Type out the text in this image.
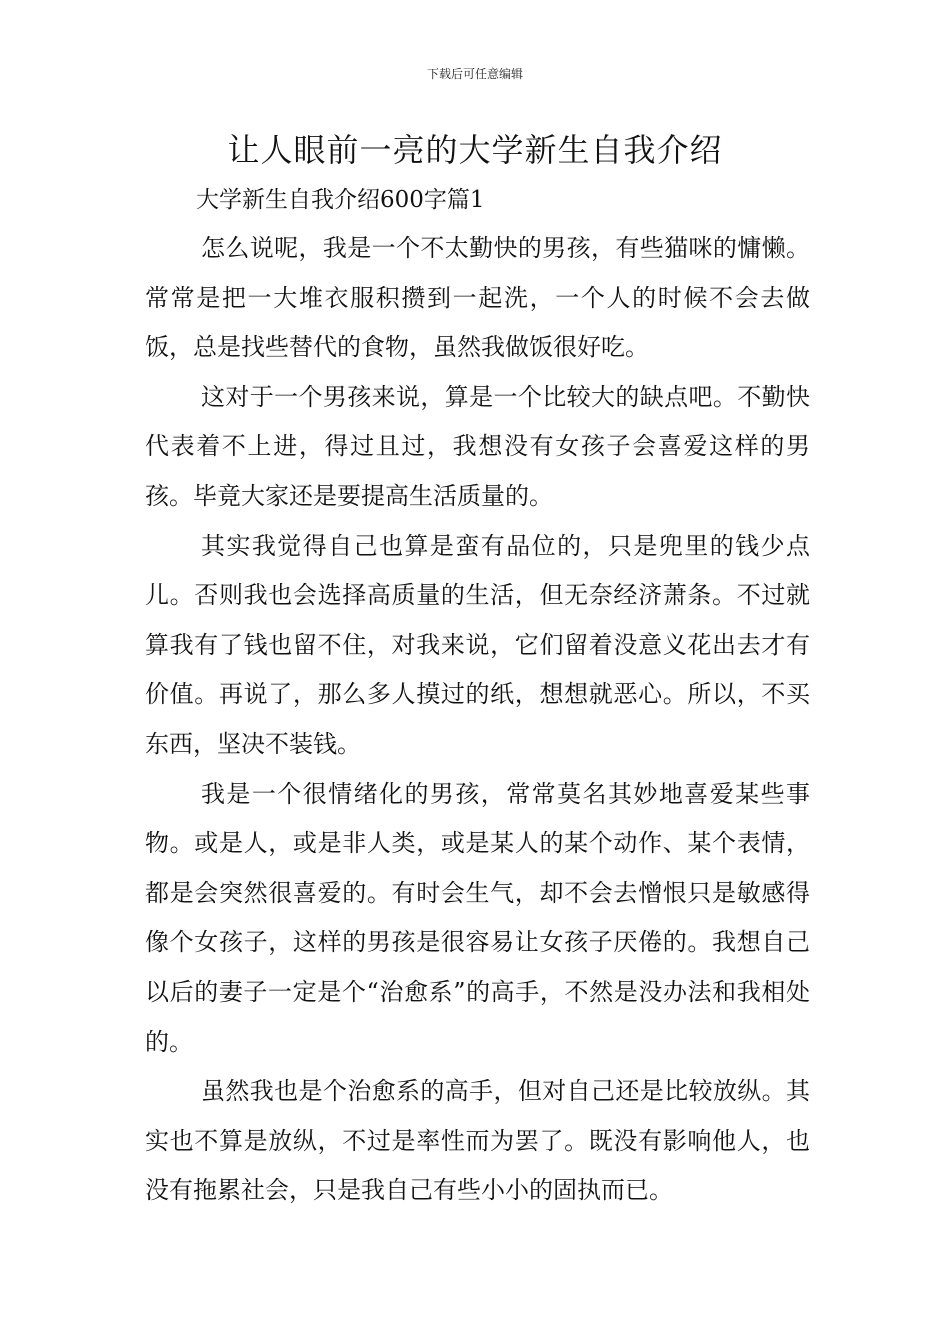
下载后可任意编辑
让人眼前一亮的大学新生自我介绍
大学新生自我介绍600字篇1

怎么说呢，我是一个不太勤快的男孩，有些猫咪的慵懒。常常是把一大堆衣服积攒到一起洗，一个人的时候不会去做饭，总是找些替代的食物，虽然我做饭很好吃。

这对于一个男孩来说，算是一个比较大的缺点吧。不勤快代表着不上进，得过且过，我想没有女孩子会喜爱这样的男孩。毕竟大家还是要提高生活质量的。

其实我觉得自己也算是蛮有品位的，只是兜里的钱少点儿。否则我也会选择高质量的生活，但无奈经济萧条。不过就算我有了钱也留不住，对我来说，它们留着没意义花出去才有价值。再说了，那么多人摸过的纸，想想就恶心。所以，不买东西，坚决不装钱。

我是一个很情绪化的男孩，常常莫名其妙地喜爱某些事物。或是人，或是非人类，或是某人的某个动作、某个表情，都是会突然很喜爱的。有时会生气，却不会去憎恨只是敏感得像个女孩子，这样的男孩是很容易让女孩子厌倦的。我想自己以后的妻子一定是个“治愈系”的高手，不然是没办法和我相处的。

虽然我也是个治愈系的高手，但对自己还是比较放纵。其实也不算是放纵，不过是率性而为罢了。既没有影响他人，也没有拖累社会，只是我自己有些小小的固执而已。
